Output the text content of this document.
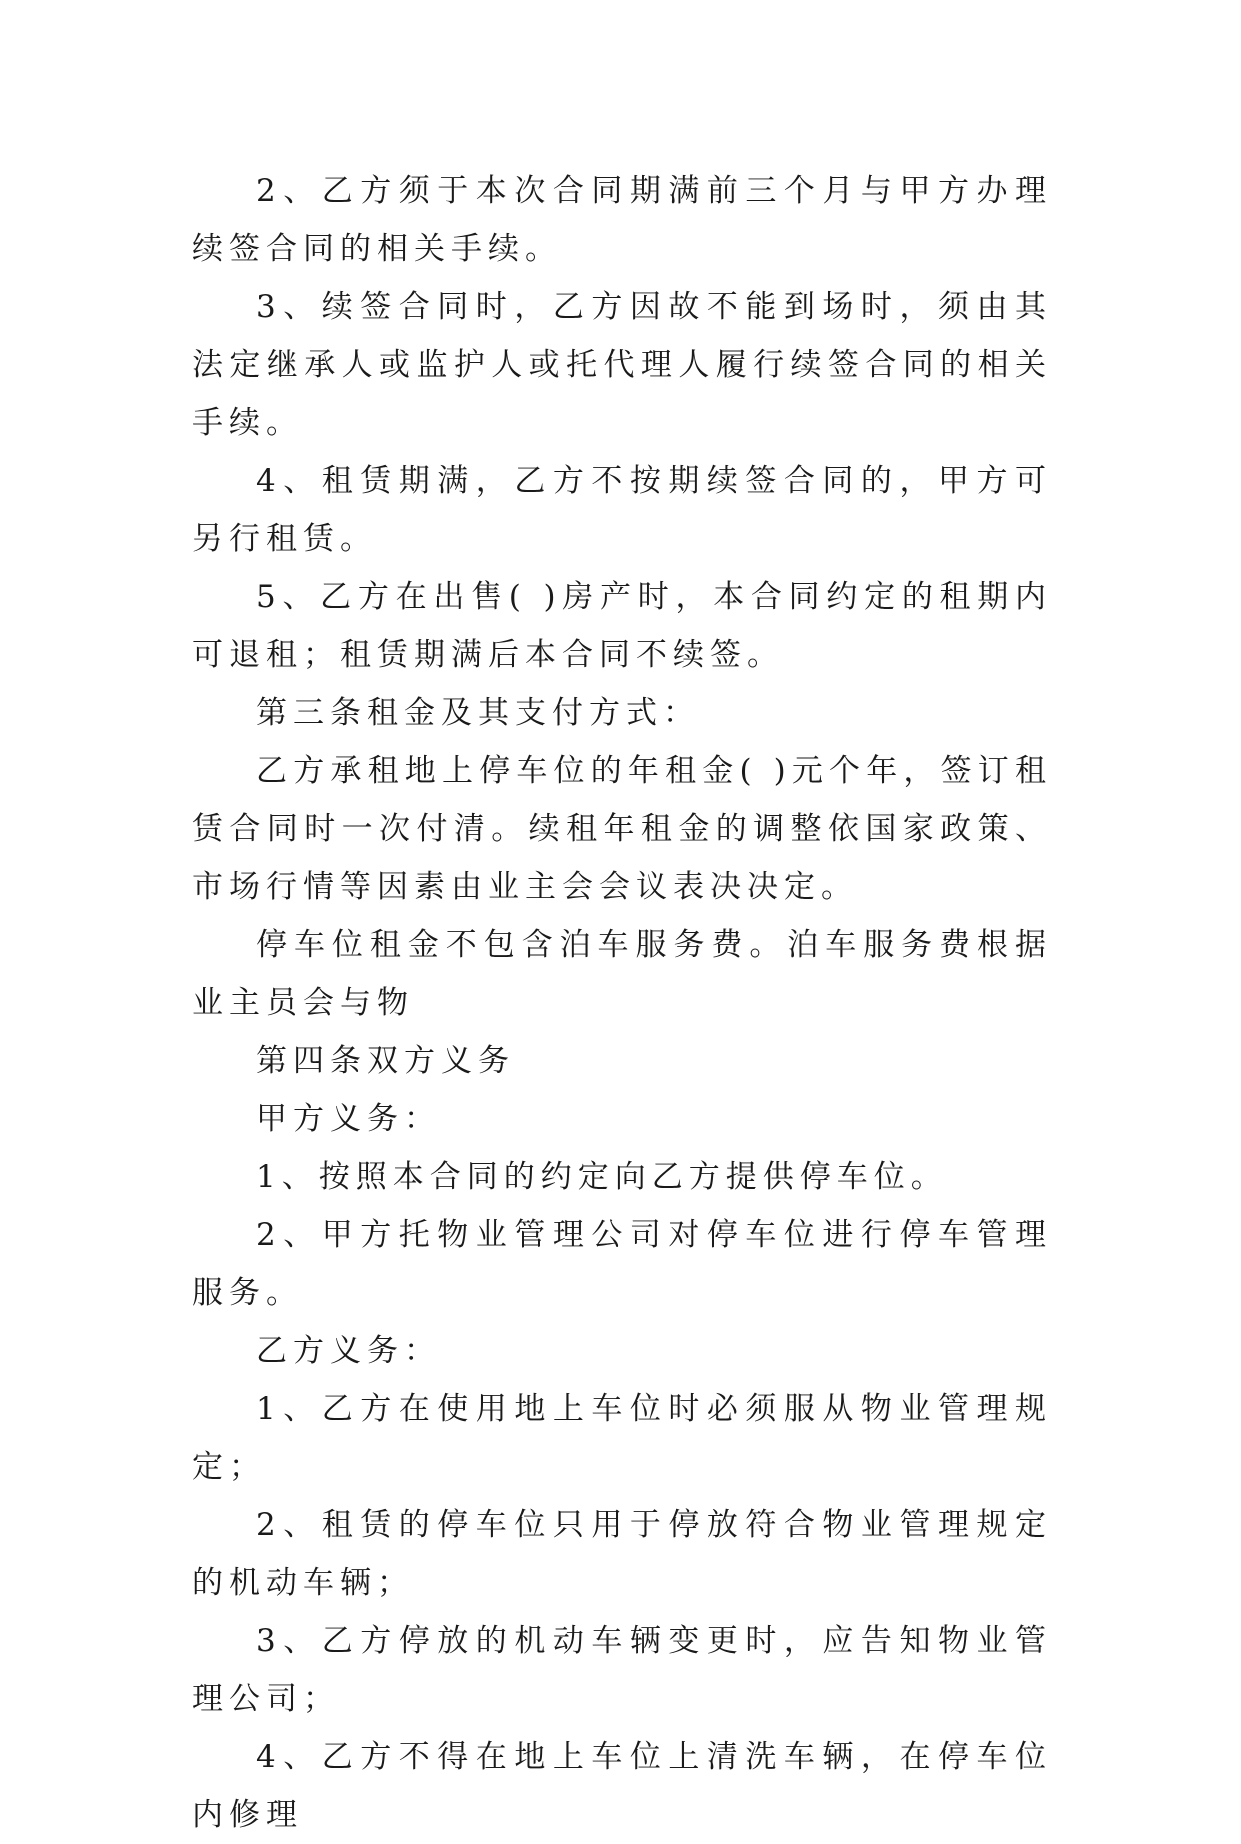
2、乙方须于本次合同期满前三个月与甲方办理续签合同的相关手续。

3、续签合同时，乙方因故不能到场时，须由其法定继承人或监护人或托代理人履行续签合同的相关手续。

4、租赁期满，乙方不按期续签合同的，甲方可另行租赁。

5、乙方在出售( )房产时，本合同约定的租期内可退租；租赁期满后本合同不续签。

第三条租金及其支付方式：

乙方承租地上停车位的年租金( )元个年，签订租赁合同时一次付清。续租年租金的调整依国家政策、市场行情等因素由业主会会议表决决定。

停车位租金不包含泊车服务费。泊车服务费根据业主员会与物

第四条双方义务

甲方义务：

1、按照本合同的约定向乙方提供停车位。

2、甲方托物业管理公司对停车位进行停车管理服务。

乙方义务：

1、乙方在使用地上车位时必须服从物业管理规定；

2、租赁的停车位只用于停放符合物业管理规定的机动车辆；

3、乙方停放的机动车辆变更时，应告知物业管理公司；

4、乙方不得在地上车位上清洗车辆，在停车位内修理
